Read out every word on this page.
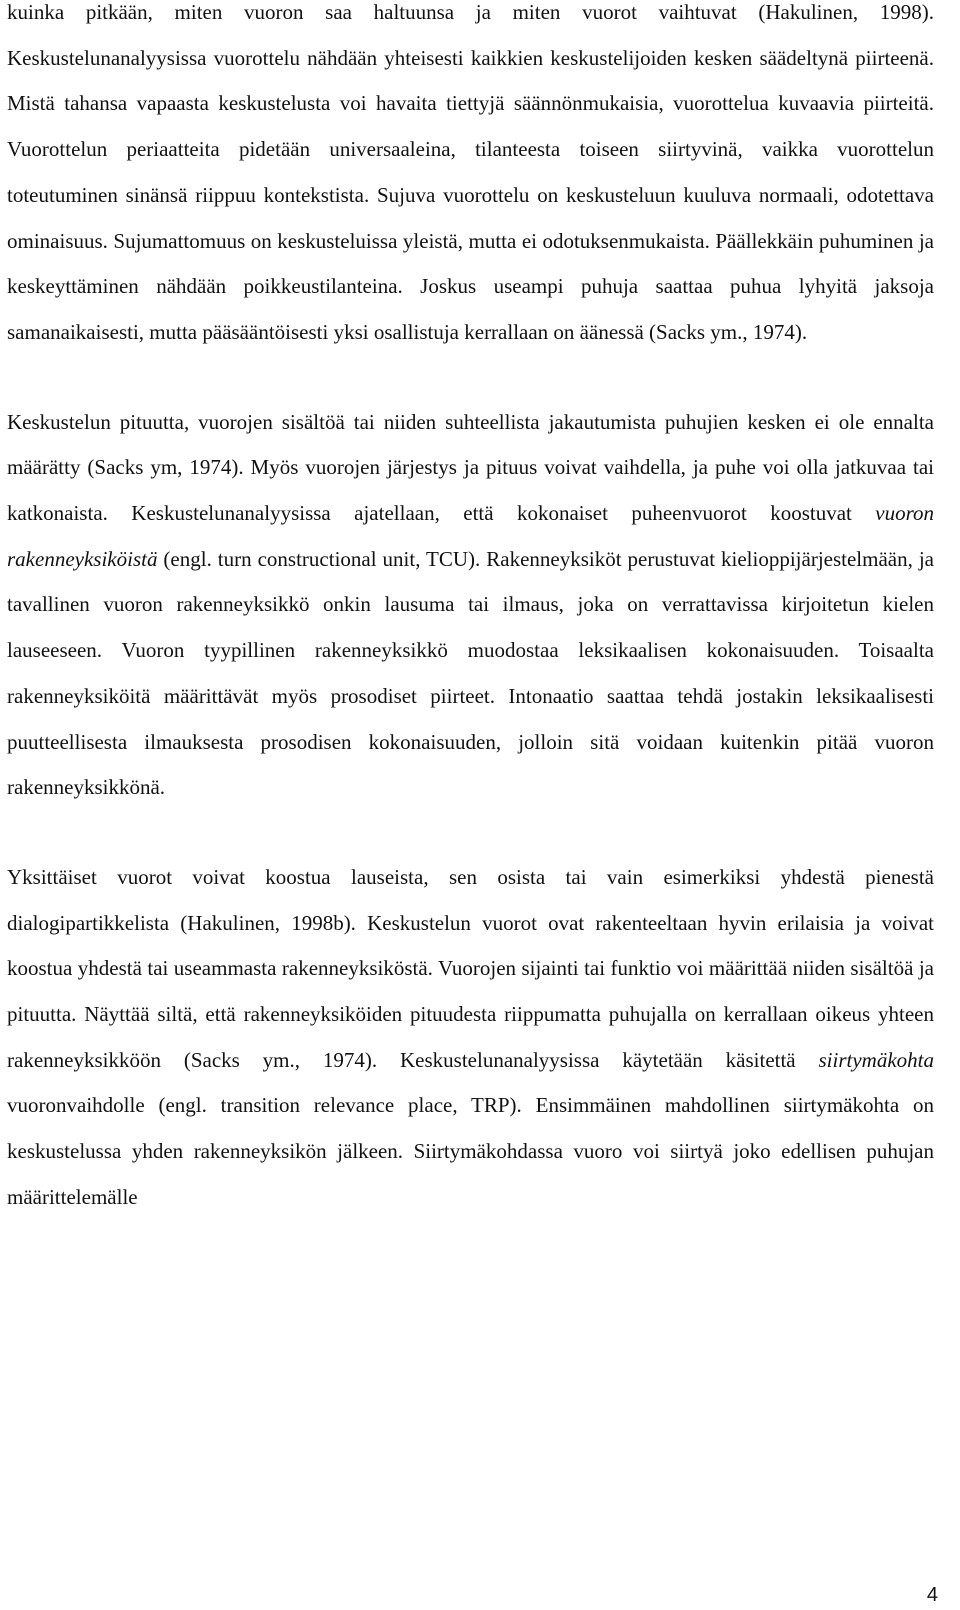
kuinka pitkään, miten vuoron saa haltuunsa ja miten vuorot vaihtuvat (Hakulinen, 1998). Keskustelunanalyysissa vuorottelu nähdään yhteisesti kaikkien keskustelijoiden kesken säädeltynä piirteenä. Mistä tahansa vapaasta keskustelusta voi havaita tiettyjä säännönmukaisia, vuorottelua kuvaavia piirteitä. Vuorottelun periaatteita pidetään universaaleina, tilanteesta toiseen siirtyvinä, vaikka vuorottelun toteutuminen sinänsä riippuu kontekstista. Sujuva vuorottelu on keskusteluun kuuluva normaali, odotettava ominaisuus. Sujumattomuus on keskusteluissa yleistä, mutta ei odotuksenmukaista. Päällekkäin puhuminen ja keskeyttäminen nähdään poikkeustilanteina. Joskus useampi puhuja saattaa puhua lyhyitä jaksoja samanaikaisesti, mutta pääsääntöisesti yksi osallistuja kerrallaan on äänessä (Sacks ym., 1974).

Keskustelun pituutta, vuorojen sisältöä tai niiden suhteellista jakautumista puhujien kesken ei ole ennalta määrätty (Sacks ym, 1974). Myös vuorojen järjestys ja pituus voivat vaihdella, ja puhe voi olla jatkuvaa tai katkonaista. Keskustelunanalyysissa ajatellaan, että kokonaiset puheenvuorot koostuvat vuoron rakenneyksiköistä (engl. turn constructional unit, TCU). Rakenneyksiköt perustuvat kielioppijärjestelmään, ja tavallinen vuoron rakenneyksikkö onkin lausuma tai ilmaus, joka on verrattavissa kirjoitetun kielen lauseeseen. Vuoron tyypillinen rakenneyksikkö muodostaa leksikaalisen kokonaisuuden. Toisaalta rakenneyksiköitä määrittävät myös prosodiset piirteet. Intonaatio saattaa tehdä jostakin leksikaalisesti puutteellisesta ilmauksesta prosodisen kokonaisuuden, jolloin sitä voidaan kuitenkin pitää vuoron rakenneyksikkönä.

Yksittäiset vuorot voivat koostua lauseista, sen osista tai vain esimerkiksi yhdestä pienestä dialogipartikkelista (Hakulinen, 1998b). Keskustelun vuorot ovat rakenteeltaan hyvin erilaisia ja voivat koostua yhdestä tai useammasta rakenneyksiköstä. Vuorojen sijainti tai funktio voi määrittää niiden sisältöä ja pituutta. Näyttää siltä, että rakenneyksiköiden pituudesta riippumatta puhujalla on kerrallaan oikeus yhteen rakenneyksikköön (Sacks ym., 1974). Keskustelunanalyysissa käytetään käsitettä siirtymäkohta vuoronvaihdolle (engl. transition relevance place, TRP). Ensimmäinen mahdollinen siirtymäkohta on keskustelussa yhden rakenneyksikön jälkeen. Siirtymäkohdassa vuoro voi siirtyä joko edellisen puhujan määrittelemälle

4
